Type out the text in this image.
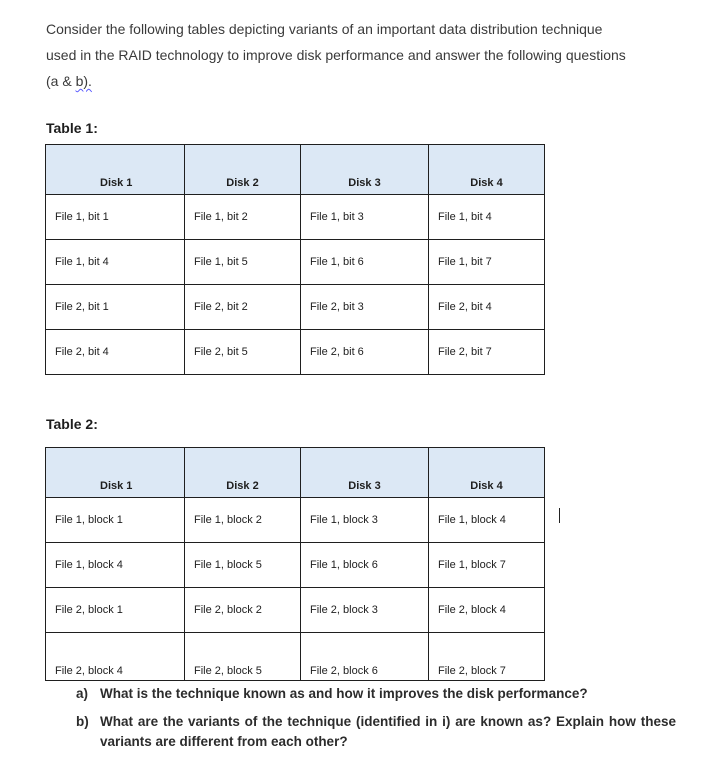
Consider the following tables depicting variants of an important data distribution technique

used in the RAID technology to improve disk performance and answer the following questions

(a & b).

Table 1:
Disk 1	Disk 2	Disk 3	Disk 4
File 1, bit 1	File 1, bit 2	File 1, bit 3	File 1, bit 4
File 1, bit 4	File 1, bit 5	File 1, bit 6	File 1, bit 7
File 2, bit 1	File 2, bit 2	File 2, bit 3	File 2, bit 4
File 2, bit 4	File 2, bit 5	File 2, bit 6	File 2, bit 7
Table 2:
Disk 1	Disk 2	Disk 3	Disk 4
File 1, block 1	File 1, block 2	File 1, block 3	File 1, block 4
File 1, block 4	File 1, block 5	File 1, block 6	File 1, block 7
File 2, block 1	File 2, block 2	File 2, block 3	File 2, block 4
File 2, block 4	File 2, block 5	File 2, block 6	File 2, block 7
a) What is the technique known as and how it improves the disk performance?
b) What are the variants of the technique (identified in i) are known as? Explain how these variants are different from each other?
